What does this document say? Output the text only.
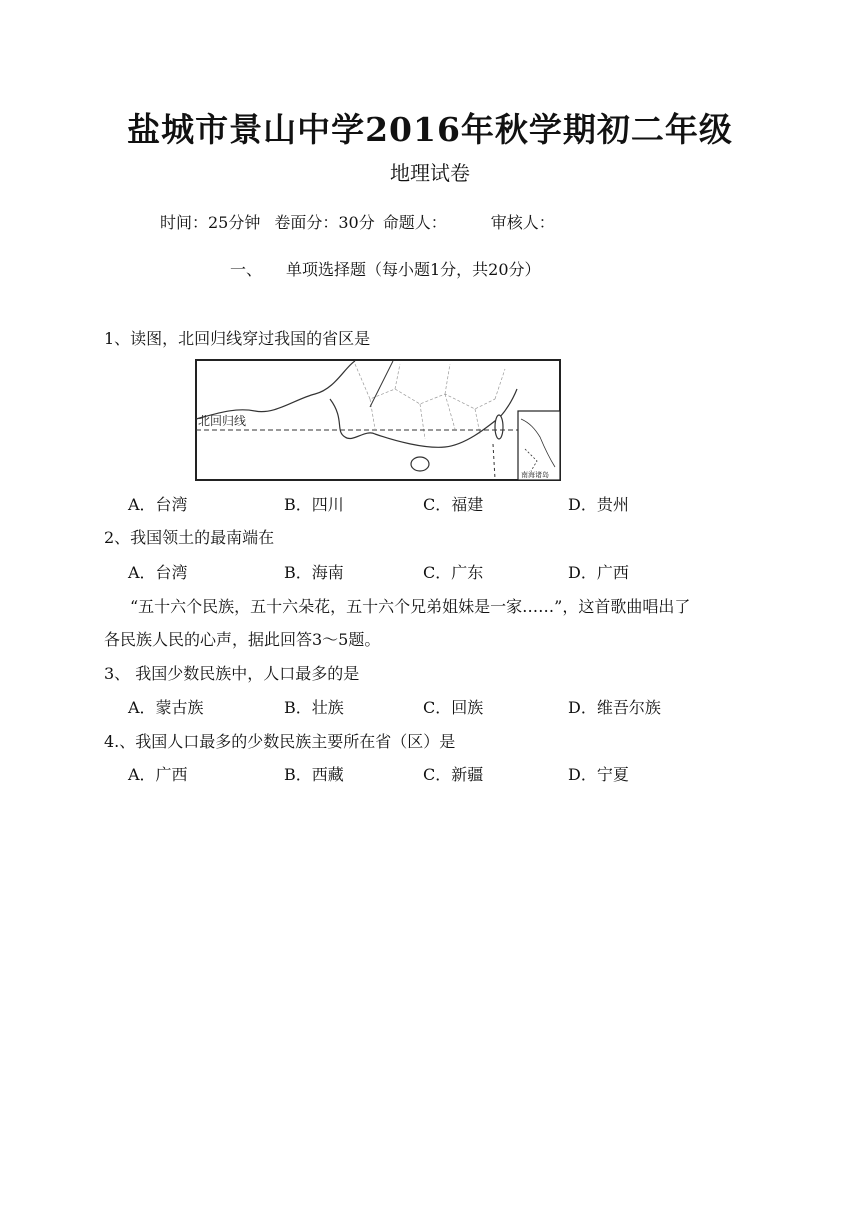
盐城市景山中学2016年秋学期初二年级
地理试卷
时间：25分钟 卷面分：30分 命题人：	审核人：
一、 单项选择题（每小题1分，共20分）
1、读图，北回归线穿过我国的省区是
北回归线
南海诸岛
A．台湾	B．四川	C．福建	D．贵州
2、我国领土的最南端在
A．台湾	B．海南	C．广东	D．广西
“五十六个民族，五十六朵花，五十六个兄弟姐妹是一家……”，这首歌曲唱出了
各民族人民的心声，据此回答3～5题。
3、 我国少数民族中，人口最多的是
A．蒙古族	B．壮族	C．回族	D．维吾尔族
4.、我国人口最多的少数民族主要所在省（区）是
A．广西	B．西藏	C．新疆	D．宁夏
